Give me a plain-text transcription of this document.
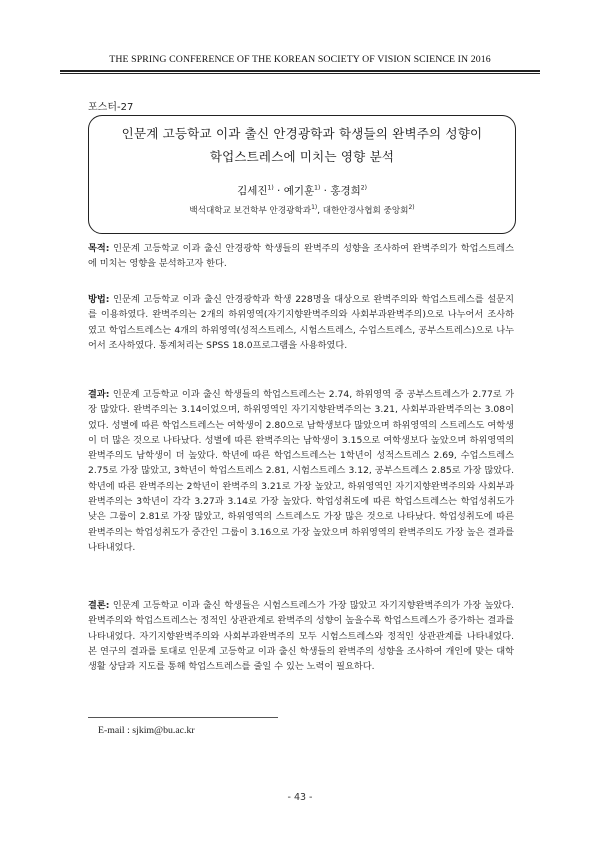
THE SPRING CONFERENCE OF THE KOREAN SOCIETY OF VISION SCIENCE IN 2016
포스터-27
인문계 고등학교 이과 출신 안경광학과 학생들의 완벽주의 성향이
학업스트레스에 미치는 영향 분석
김세진$^{1)}$ · 예기훈$^{1)}$ · 홍경희$^{2)}$
백석대학교 보건학부 안경광학과$^{1)}$, 대한안경사협회 중앙회$^{2)}$
목적: 인문계 고등학교 이과 출신 안경광학 학생들의 완벽주의 성향을 조사하여 완벽주의가 학업스트레스에 미치는 영향을 분석하고자 한다.
방법: 인문계 고등학교 이과 출신 안경광학과 학생 228명을 대상으로 완벽주의와 학업스트레스를 설문지를 이용하였다. 완벽주의는 2개의 하위영역(자기지향완벽주의와 사회부과완벽주의)으로 나누어서 조사하였고 학업스트레스는 4개의 하위영역(성적스트레스, 시험스트레스, 수업스트레스, 공부스트레스)으로 나누어서 조사하였다. 통계처리는 SPSS 18.0프로그램을 사용하였다.
결과: 인문계 고등학교 이과 출신 학생들의 학업스트레스는 2.74, 하위영역 중 공부스트레스가 2.77로 가장 많았다. 완벽주의는 3.14이었으며, 하위영역인 자기지향완벽주의는 3.21, 사회부과완벽주의는 3.08이었다. 성별에 따른 학업스트레스는 여학생이 2.80으로 남학생보다 많았으며 하위영역의 스트레스도 여학생이 더 많은 것으로 나타났다. 성별에 따른 완벽주의는 남학생이 3.15으로 여학생보다 높았으며 하위영역의 완벽주의도 남학생이 더 높았다. 학년에 따른 학업스트레스는 1학년이 성적스트레스 2.69, 수업스트레스 2.75로 가장 많았고, 3학년이 학업스트레스 2.81, 시험스트레스 3.12, 공부스트레스 2.85로 가장 많았다. 학년에 따른 완벽주의는 2학년이 완벽주의 3.21로 가장 높았고, 하위영역인 자기지향완벽주의와 사회부과완벽주의는 3학년이 각각 3.27과 3.14로 가장 높았다. 학업성취도에 따른 학업스트레스는 학업성취도가 낮은 그룹이 2.81로 가장 많았고, 하위영역의 스트레스도 가장 많은 것으로 나타났다. 학업성취도에 따른 완벽주의는 학업성취도가 중간인 그룹이 3.16으로 가장 높았으며 하위영역의 완벽주의도 가장 높은 결과를 나타내었다.
결론: 인문계 고등학교 이과 출신 학생들은 시험스트레스가 가장 많았고 자기지향완벽주의가 가장 높았다. 완벽주의와 학업스트레스는 정적인 상관관계로 완벽주의 성향이 높을수록 학업스트레스가 증가하는 결과를 나타내었다. 자기지향완벽주의와 사회부과완벽주의 모두 시험스트레스와 정적인 상관관계를 나타내었다. 본 연구의 결과를 토대로 인문계 고등학교 이과 출신 학생들의 완벽주의 성향을 조사하여 개인에 맞는 대학생활 상담과 지도를 통해 학업스트레스를 줄일 수 있는 노력이 필요하다.
E-mail : sjkim@bu.ac.kr
- 43 -
